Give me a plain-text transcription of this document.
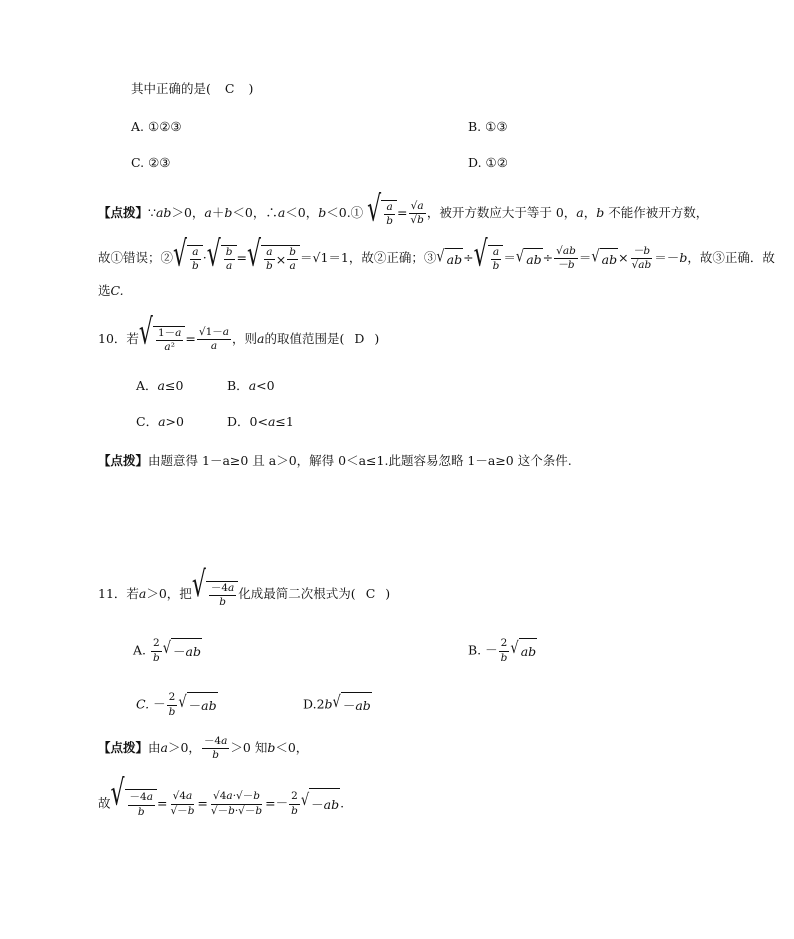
其中正确的是( C )
A. ①②③	B. ①③
C. ②③	D. ①②
【点拨】∵ab＞0，a＋b＜0，∴a＜0，b＜0.① √ $\frac{a}{b} = \frac{√a}{√b}$ ，被开方数应大于等于 0，a，b 不能作被开方数，
故①错误；② √ $\frac{a}{b}$ · √ $\frac{b}{a}$ = √ $\frac{a}{b} \times \frac{b}{a} =√1=1$，故②正确；③ √ ab ÷ √ $\frac{a}{b}$ ＝ √ ab ÷ $\frac{√ab}{-b}$ ＝ √ ab × $\frac{-b}{√ab} =-b$，故③正确．故
选C.
10．若 √ $\frac{1-a}{\text{a²}} = \frac{√1-a}{a}$ ，则a的取值范围是( D )
A．a≤0	B．a<0
C．a>0	D．0<a≤1
【点拨】由题意得 1－a≥0 且 a＞0，解得 0＜a≤1.此题容易忽略 1－a≥0 这个条件.
11．若a＞0，把 √ $\frac{-4a}{b}$ 化成最简二次根式为( C )
A. $\frac{2}{b}$ √ － ab	B. － $\frac{2}{b}$ √ ab
C. － $\frac{2}{b}$ √ － ab	D.2b √ － ab
【点拨】由a＞0， $\frac{-4a}{b} >0$ 知b＜0，
故 √ $\frac{-4a}{b} = \frac{√4a}{√-b} = \frac{√4a\cdot√-b}{√-b\cdot√-b} =- \frac{2}{b}$ √ － ab .
